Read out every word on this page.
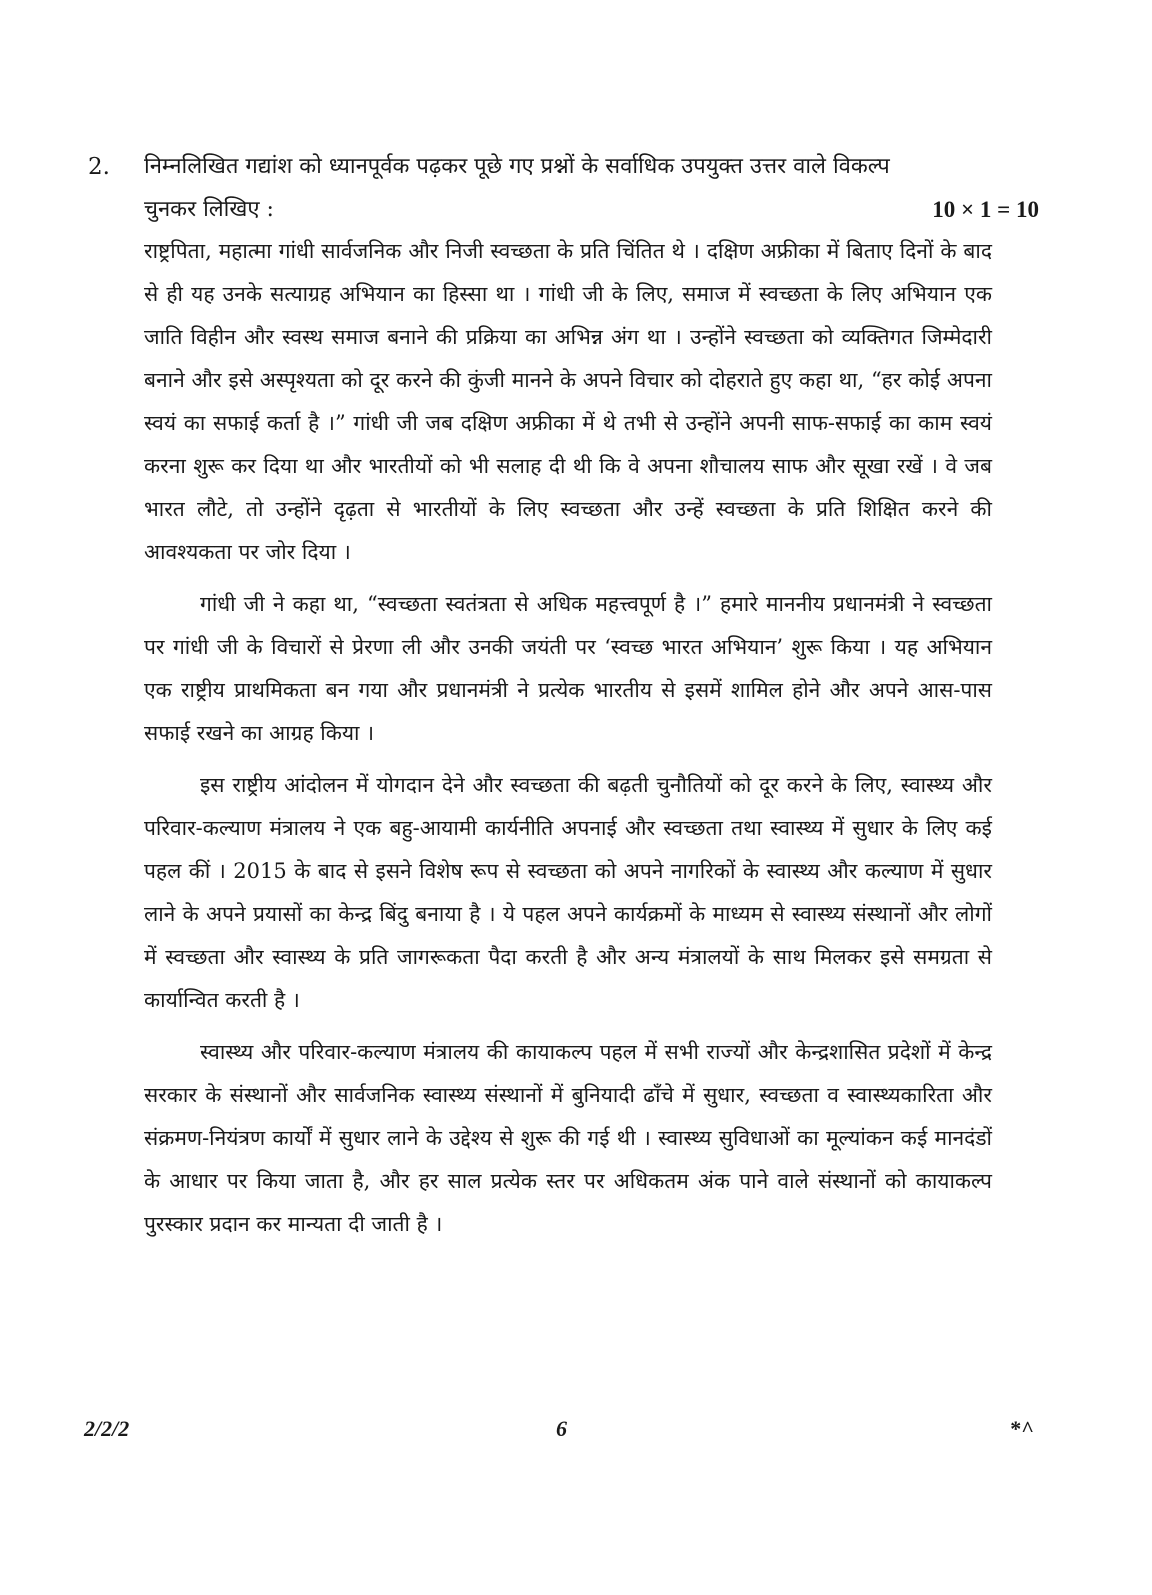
2. निम्नलिखित गद्यांश को ध्यानपूर्वक पढ़कर पूछे गए प्रश्नों के सर्वाधिक उपयुक्त उत्तर वाले विकल्प
चुनकर लिखिए :	10 × 1 = 10

राष्ट्रपिता, महात्मा गांधी सार्वजनिक और निजी स्वच्छता के प्रति चिंतित थे । दक्षिण अफ्रीका में बिताए दिनों के बाद से ही यह उनके सत्याग्रह अभियान का हिस्सा था । गांधी जी के लिए, समाज में स्वच्छता के लिए अभियान एक जाति विहीन और स्वस्थ समाज बनाने की प्रक्रिया का अभिन्न अंग था । उन्होंने स्वच्छता को व्यक्तिगत जिम्मेदारी बनाने और इसे अस्पृश्यता को दूर करने की कुंजी मानने के अपने विचार को दोहराते हुए कहा था, “हर कोई अपना स्वयं का सफाई कर्ता है ।” गांधी जी जब दक्षिण अफ्रीका में थे तभी से उन्होंने अपनी साफ-सफाई का काम स्वयं करना शुरू कर दिया था और भारतीयों को भी सलाह दी थी कि वे अपना शौचालय साफ और सूखा रखें । वे जब भारत लौटे, तो उन्होंने दृढ़ता से भारतीयों के लिए स्वच्छता और उन्हें स्वच्छता के प्रति शिक्षित करने की आवश्यकता पर जोर दिया ।

गांधी जी ने कहा था, “स्वच्छता स्वतंत्रता से अधिक महत्त्वपूर्ण है ।” हमारे माननीय प्रधानमंत्री ने स्वच्छता पर गांधी जी के विचारों से प्रेरणा ली और उनकी जयंती पर ‘स्वच्छ भारत अभियान’ शुरू किया । यह अभियान एक राष्ट्रीय प्राथमिकता बन गया और प्रधानमंत्री ने प्रत्येक भारतीय से इसमें शामिल होने और अपने आस-पास सफाई रखने का आग्रह किया ।

इस राष्ट्रीय आंदोलन में योगदान देने और स्वच्छता की बढ़ती चुनौतियों को दूर करने के लिए, स्वास्थ्य और परिवार-कल्याण मंत्रालय ने एक बहु-आयामी कार्यनीति अपनाई और स्वच्छता तथा स्वास्थ्य में सुधार के लिए कई पहल कीं । 2015 के बाद से इसने विशेष रूप से स्वच्छता को अपने नागरिकों के स्वास्थ्य और कल्याण में सुधार लाने के अपने प्रयासों का केन्द्र बिंदु बनाया है । ये पहल अपने कार्यक्रमों के माध्यम से स्वास्थ्य संस्थानों और लोगों में स्वच्छता और स्वास्थ्य के प्रति जागरूकता पैदा करती है और अन्य मंत्रालयों के साथ मिलकर इसे समग्रता से कार्यान्वित करती है ।

स्वास्थ्य और परिवार-कल्याण मंत्रालय की कायाकल्प पहल में सभी राज्यों और केन्द्रशासित प्रदेशों में केन्द्र सरकार के संस्थानों और सार्वजनिक स्वास्थ्य संस्थानों में बुनियादी ढाँचे में सुधार, स्वच्छता व स्वास्थ्यकारिता और संक्रमण-नियंत्रण कार्यों में सुधार लाने के उद्देश्य से शुरू की गई थी । स्वास्थ्य सुविधाओं का मूल्यांकन कई मानदंडों के आधार पर किया जाता है, और हर साल प्रत्येक स्तर पर अधिकतम अंक पाने वाले संस्थानों को कायाकल्प पुरस्कार प्रदान कर मान्यता दी जाती है ।

2/2/2	6	*^
